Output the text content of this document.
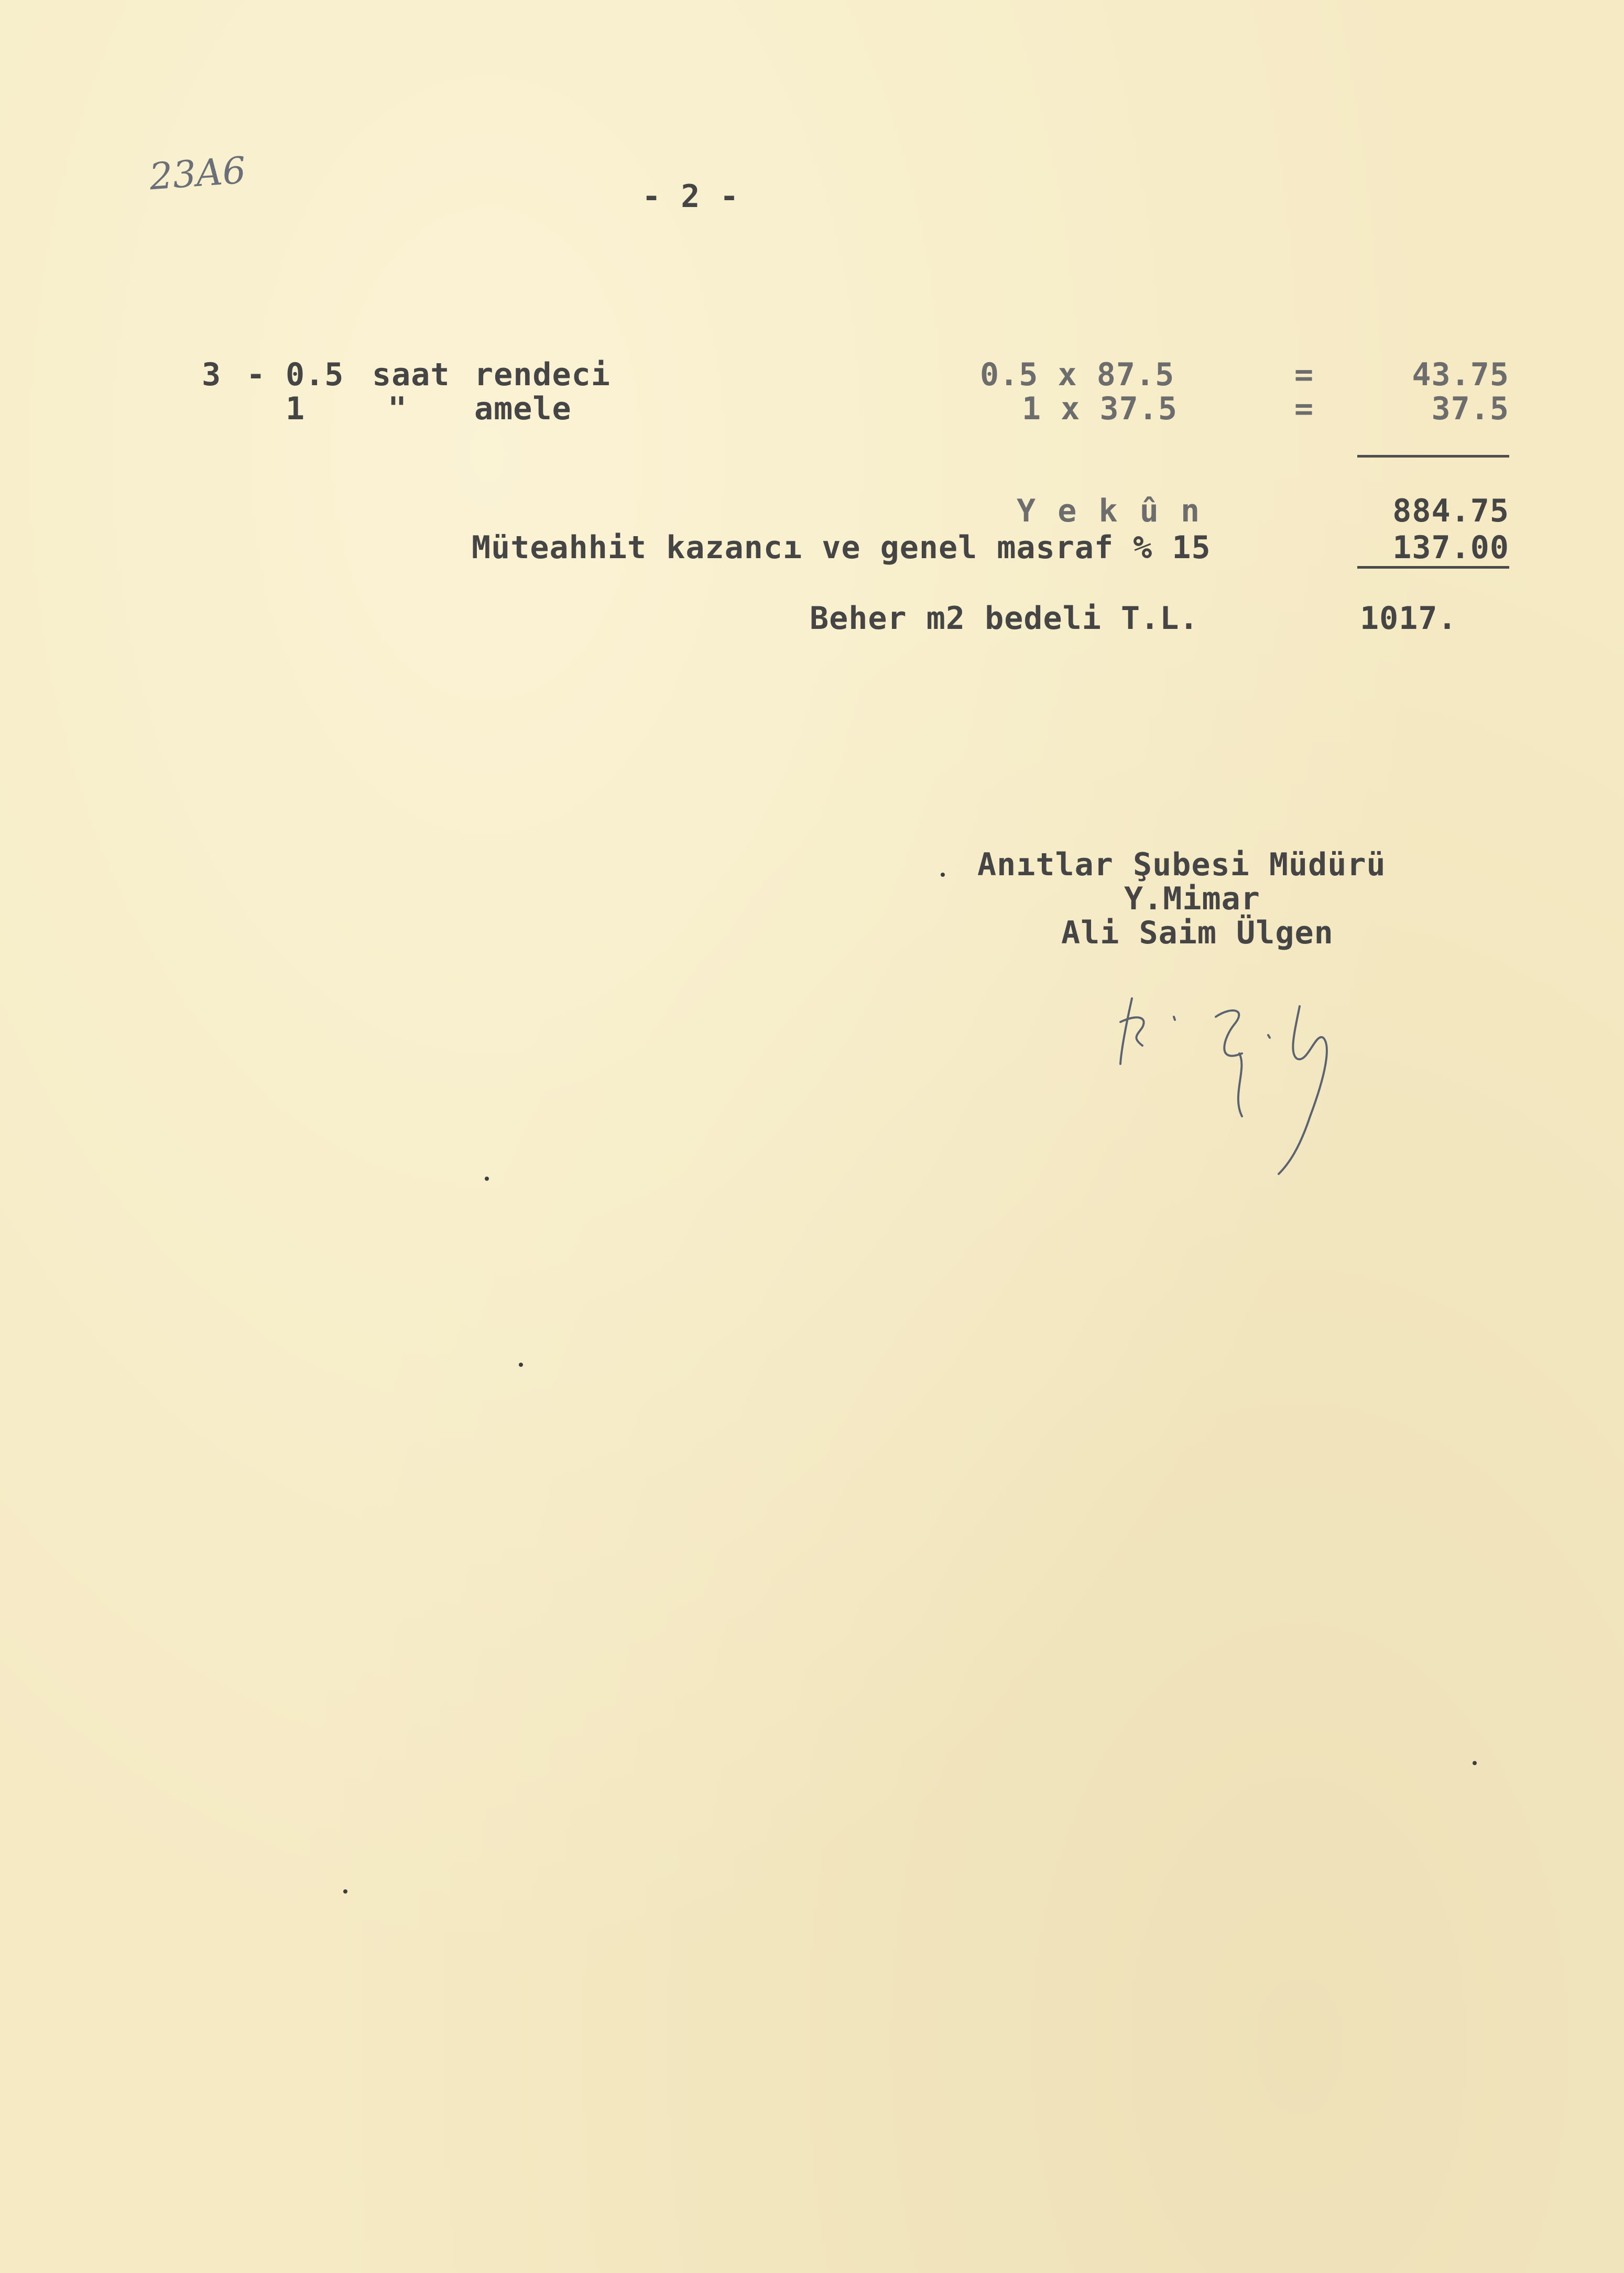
23A6	- 2 -
3 - 0.5 saat rendeci	0.5 x 87.5	=	43.75
1	" amele	1 x 37.5	=	37.5
Y e k û n	884.75
Müteahhit kazancı ve genel masraf % 15	137.00
Beher m2 bedeli T.L.	1017.
Anıtlar Şubesi Müdürü
Y.Mimar
Ali Saim Ülgen
